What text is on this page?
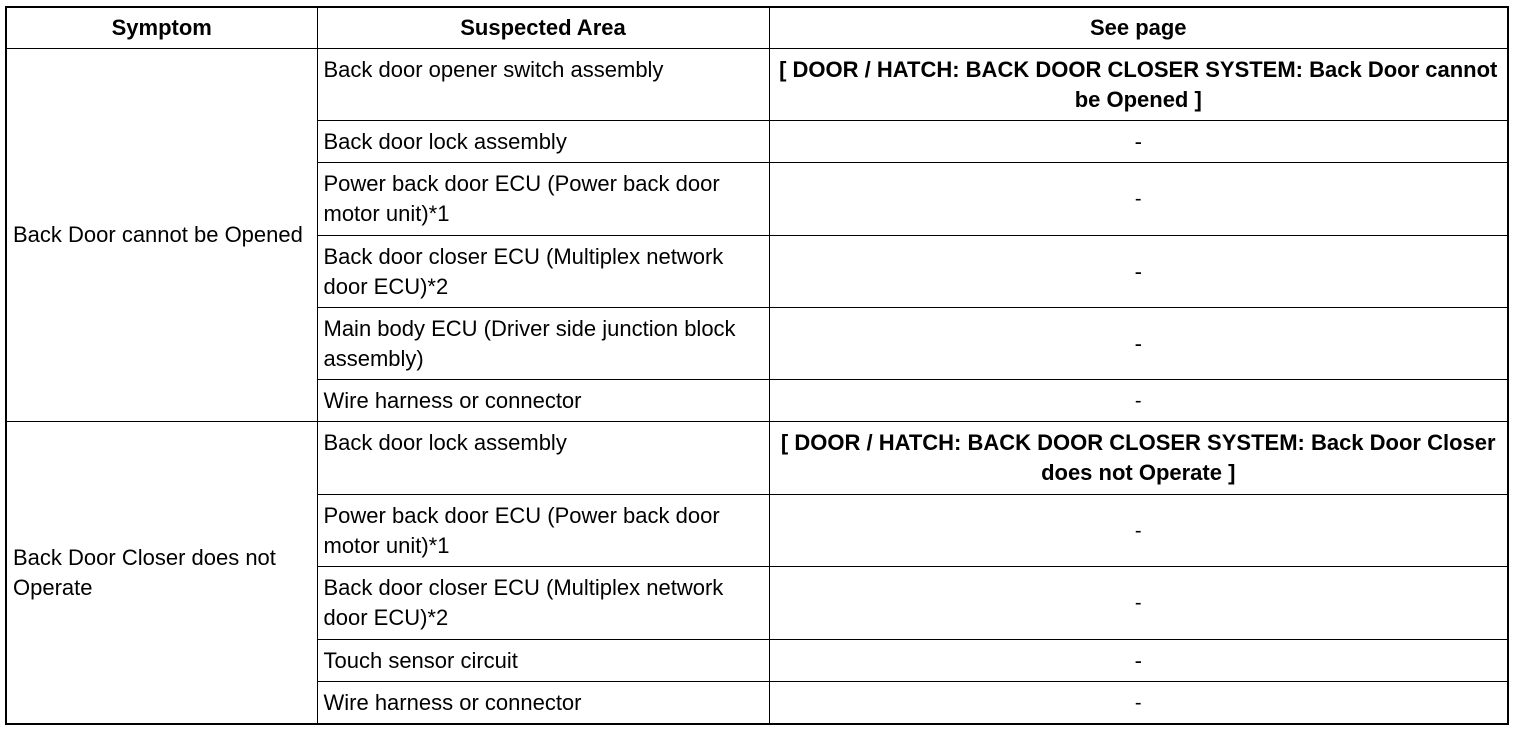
Symptom	Suspected Area	See page
Back Door cannot be Opened	Back door opener switch assembly	[ DOOR / HATCH: BACK DOOR CLOSER SYSTEM: Back Door cannot be Opened ]
	Back door lock assembly	-
	Power back door ECU (Power back door motor unit)*1	-
	Back door closer ECU (Multiplex network door ECU)*2	-
	Main body ECU (Driver side junction block assembly)	-
	Wire harness or connector	-
Back Door Closer does not Operate	Back door lock assembly	[ DOOR / HATCH: BACK DOOR CLOSER SYSTEM: Back Door Closer does not Operate ]
	Power back door ECU (Power back door motor unit)*1	-
	Back door closer ECU (Multiplex network door ECU)*2	-
	Touch sensor circuit	-
	Wire harness or connector	-
